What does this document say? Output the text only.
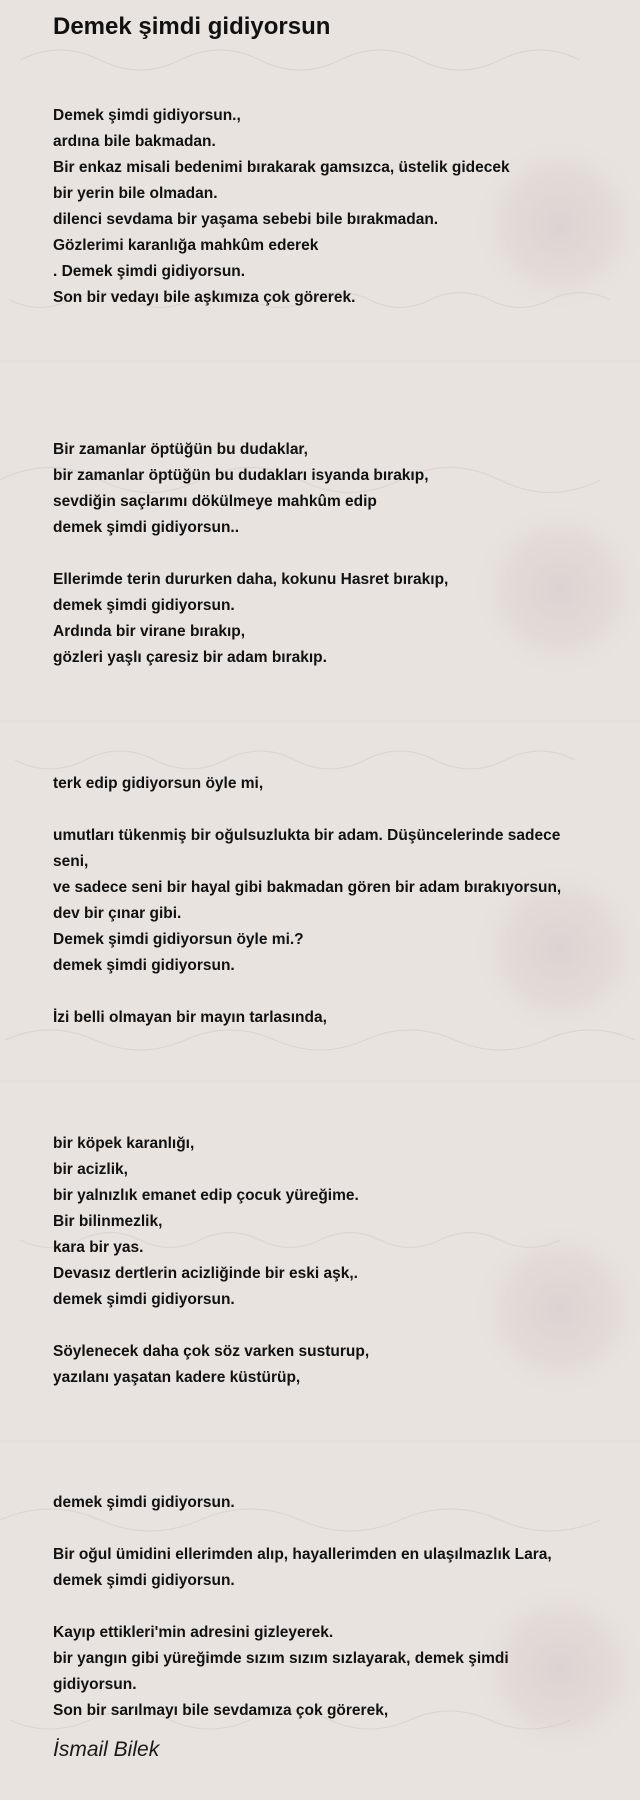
Demek şimdi gidiyorsun
Demek şimdi gidiyorsun.,
ardına bile bakmadan.
Bir enkaz misali bedenimi bırakarak gamsızca, üstelik gidecek
bir yerin bile olmadan.
dilenci sevdama bir yaşama sebebi bile bırakmadan.
Gözlerimi karanlığa mahkûm ederek
. Demek şimdi gidiyorsun.
Son bir vedayı bile aşkımıza çok görerek.
Bir zamanlar öptüğün bu dudaklar,
bir zamanlar öptüğün bu dudakları isyanda bırakıp,
sevdiğin saçlarımı dökülmeye mahkûm edip
demek şimdi gidiyorsun..
Ellerimde terin dururken daha, kokunu Hasret bırakıp,
demek şimdi gidiyorsun.
Ardında bir virane bırakıp,
gözleri yaşlı çaresiz bir adam bırakıp.
terk edip gidiyorsun öyle mi,
umutları tükenmiş bir oğulsuzlukta bir adam. Düşüncelerinde sadece
seni,
ve sadece seni bir hayal gibi bakmadan gören bir adam bırakıyorsun,
dev bir çınar gibi.
Demek şimdi gidiyorsun öyle mi.?
demek şimdi gidiyorsun.
İzi belli olmayan bir mayın tarlasında,
bir köpek karanlığı,
bir acizlik,
bir yalnızlık emanet edip çocuk yüreğime.
Bir bilinmezlik,
kara bir yas.
Devasız dertlerin acizliğinde bir eski aşk,.
demek şimdi gidiyorsun.
Söylenecek daha çok söz varken susturup,
yazılanı yaşatan kadere küstürüp,
demek şimdi gidiyorsun.
Bir oğul ümidini ellerimden alıp, hayallerimden en ulaşılmazlık Lara,
demek şimdi gidiyorsun.
Kayıp ettikleri'min adresini gizleyerek.
bir yangın gibi yüreğimde sızım sızım sızlayarak, demek şimdi
gidiyorsun.
Son bir sarılmayı bile sevdamıza çok görerek,
İsmail Bilek
